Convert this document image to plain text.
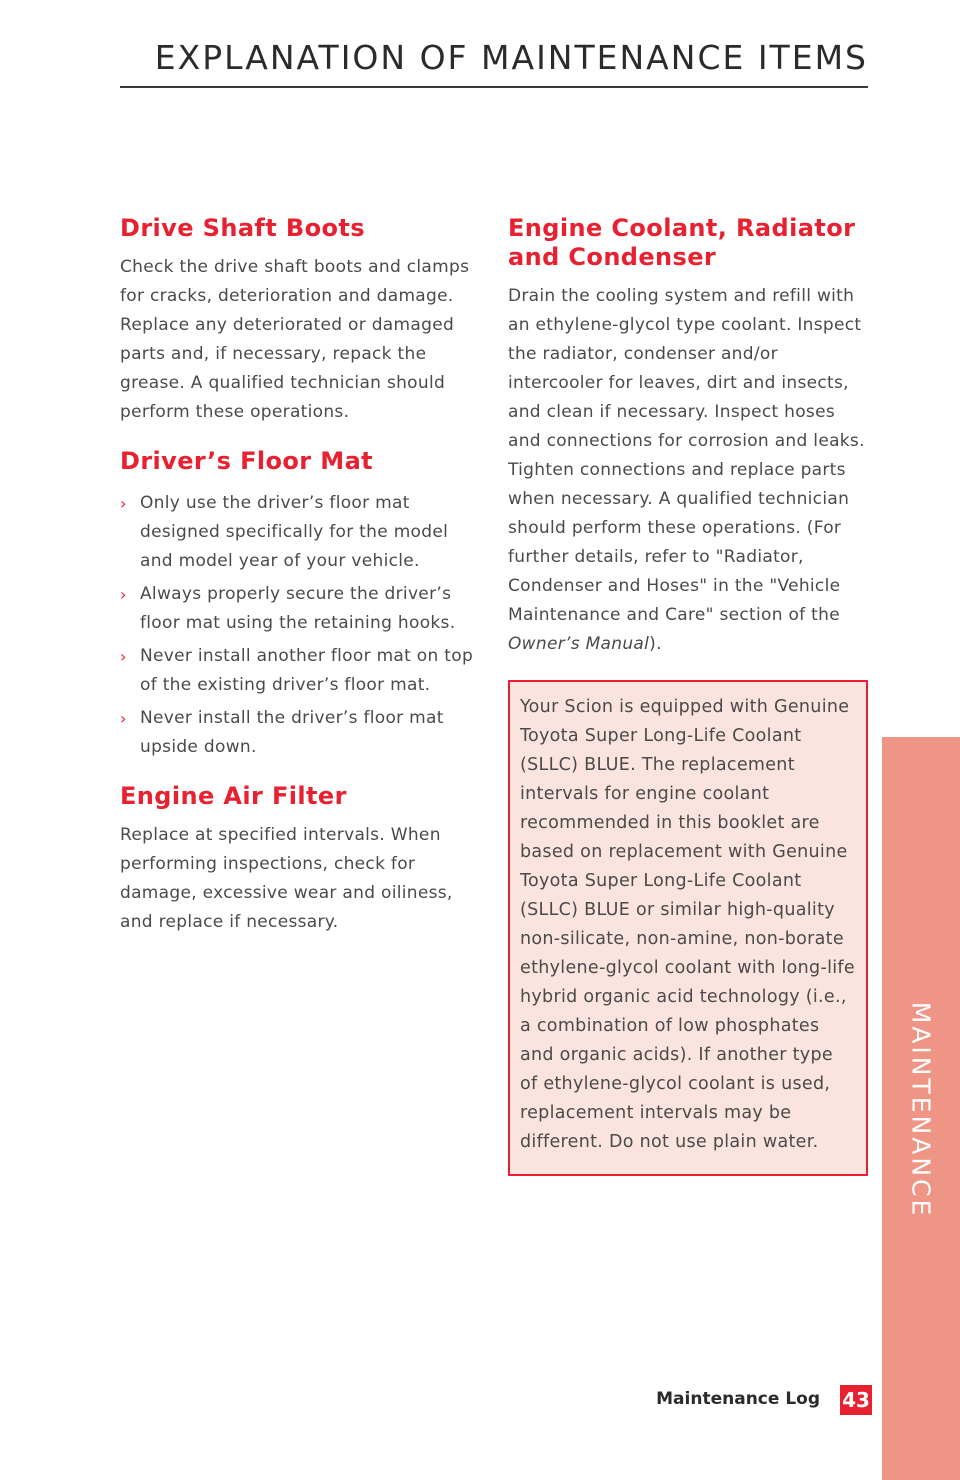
EXPLANATION OF MAINTENANCE ITEMS
Drive Shaft Boots

Check the drive shaft boots and clamps for cracks, deterioration and damage. Replace any deteriorated or damaged parts and, if necessary, repack the grease. A qualified technician should perform these operations.

Driver’s Floor Mat
› Only use the driver’s floor mat designed specifically for the model and model year of your vehicle.
› Always properly secure the driver’s floor mat using the retaining hooks.
› Never install another floor mat on top of the existing driver’s floor mat.
› Never install the driver’s floor mat upside down.
Engine Air Filter

Replace at specified intervals. When performing inspections, check for damage, excessive wear and oiliness, and replace if necessary.

Engine Coolant, Radiator and Condenser

Drain the cooling system and refill with an ethylene-glycol type coolant. Inspect the radiator, condenser and/or intercooler for leaves, dirt and insects, and clean if necessary. Inspect hoses and connections for corrosion and leaks. Tighten connections and replace parts when necessary. A qualified technician should perform these operations. (For further details, refer to "Radiator, Condenser and Hoses" in the "Vehicle Maintenance and Care" section of the Owner’s Manual).

Your Scion is equipped with Genuine Toyota Super Long-Life Coolant (SLLC) BLUE. The replacement intervals for engine coolant recommended in this booklet are based on replacement with Genuine Toyota Super Long-Life Coolant (SLLC) BLUE or similar high-quality non-silicate, non-amine, non-borate ethylene-glycol coolant with long-life hybrid organic acid technology (i.e., a combination of low phosphates and organic acids). If another type of ethylene-glycol coolant is used, replacement intervals may be different. Do not use plain water.	MAINTENANCE
Maintenance Log 43
